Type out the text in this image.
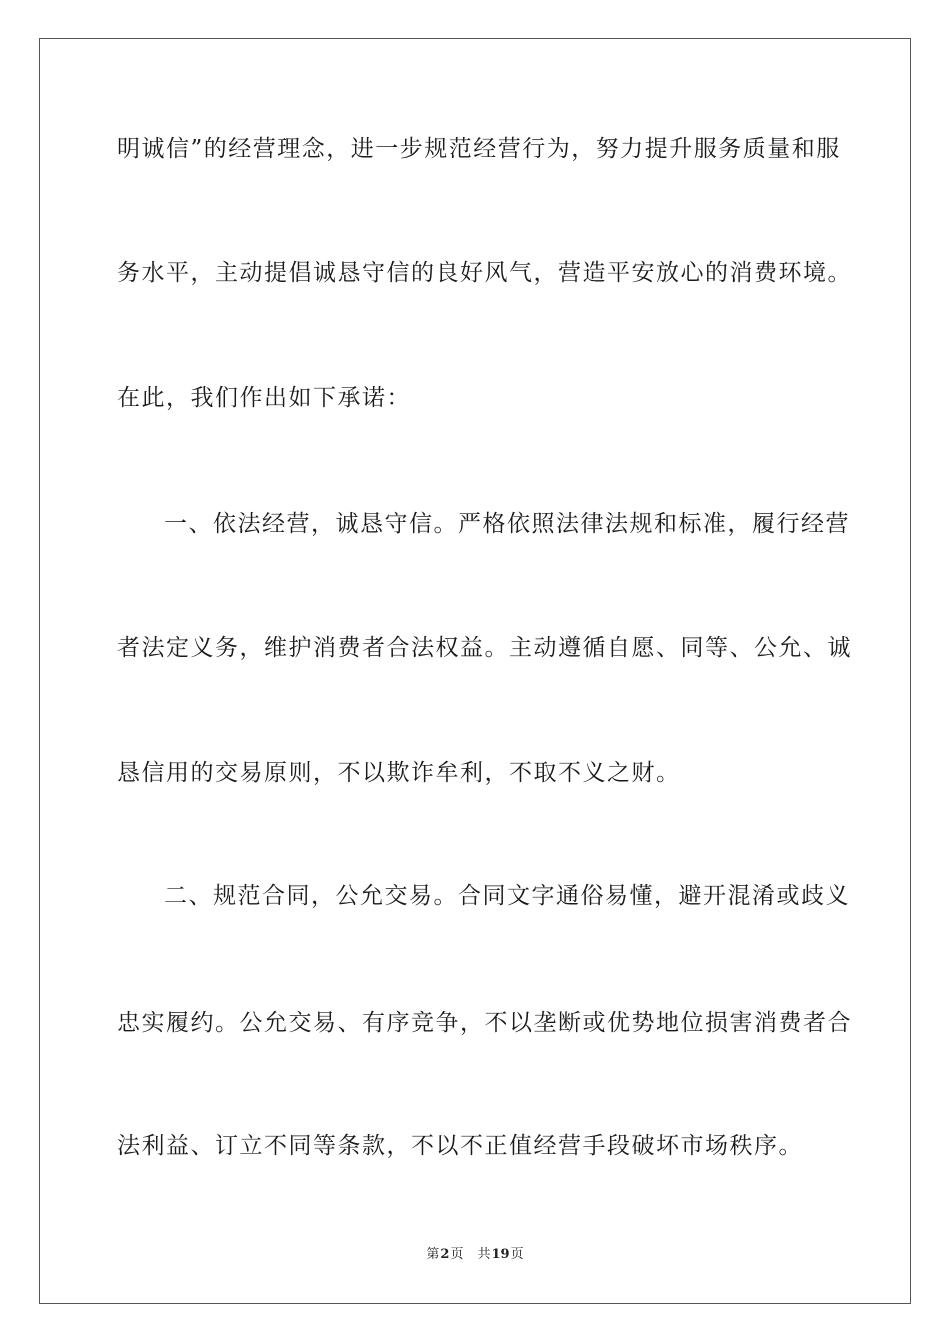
明诚信”的经营理念，进一步规范经营行为，努力提升服务质量和服
务水平，主动提倡诚恳守信的良好风气，营造平安放心的消费环境。
在此，我们作出如下承诺：
一、依法经营，诚恳守信。严格依照法律法规和标准，履行经营
者法定义务，维护消费者合法权益。主动遵循自愿、同等、公允、诚
恳信用的交易原则，不以欺诈牟利，不取不义之财。
二、规范合同，公允交易。合同文字通俗易懂，避开混淆或歧义
忠实履约。公允交易、有序竞争，不以垄断或优势地位损害消费者合
法利益、订立不同等条款，不以不正值经营手段破坏市场秩序。
第2页 共19页
